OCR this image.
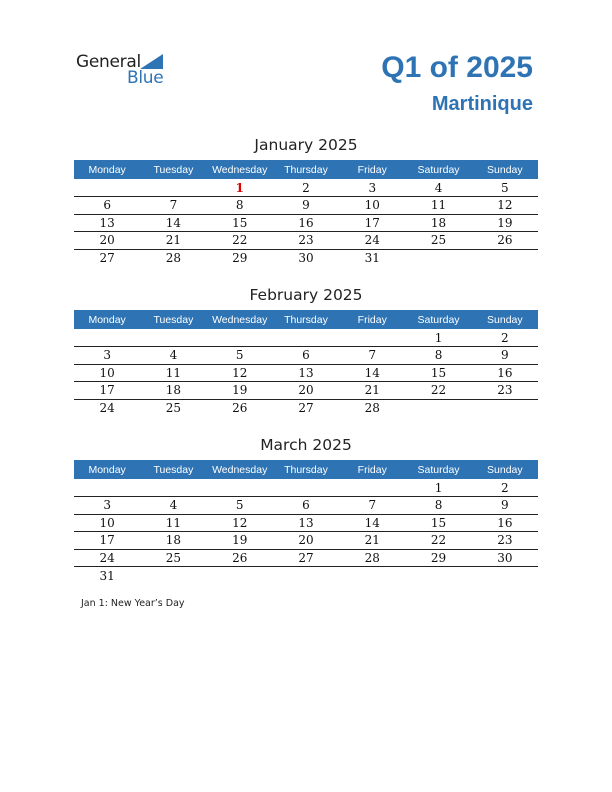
General
Blue	Q1 of 2025
Martinique
January 2025
Monday	Tuesday	Wednesday	Thursday	Friday	Saturday	Sunday
		1	2	3	4	5
6	7	8	9	10	11	12
13	14	15	16	17	18	19
20	21	22	23	24	25	26
27	28	29	30	31		
February 2025
Monday	Tuesday	Wednesday	Thursday	Friday	Saturday	Sunday
					1	2
3	4	5	6	7	8	9
10	11	12	13	14	15	16
17	18	19	20	21	22	23
24	25	26	27	28		
March 2025
Monday	Tuesday	Wednesday	Thursday	Friday	Saturday	Sunday
					1	2
3	4	5	6	7	8	9
10	11	12	13	14	15	16
17	18	19	20	21	22	23
24	25	26	27	28	29	30
31						
Jan 1: New Year’s Day
